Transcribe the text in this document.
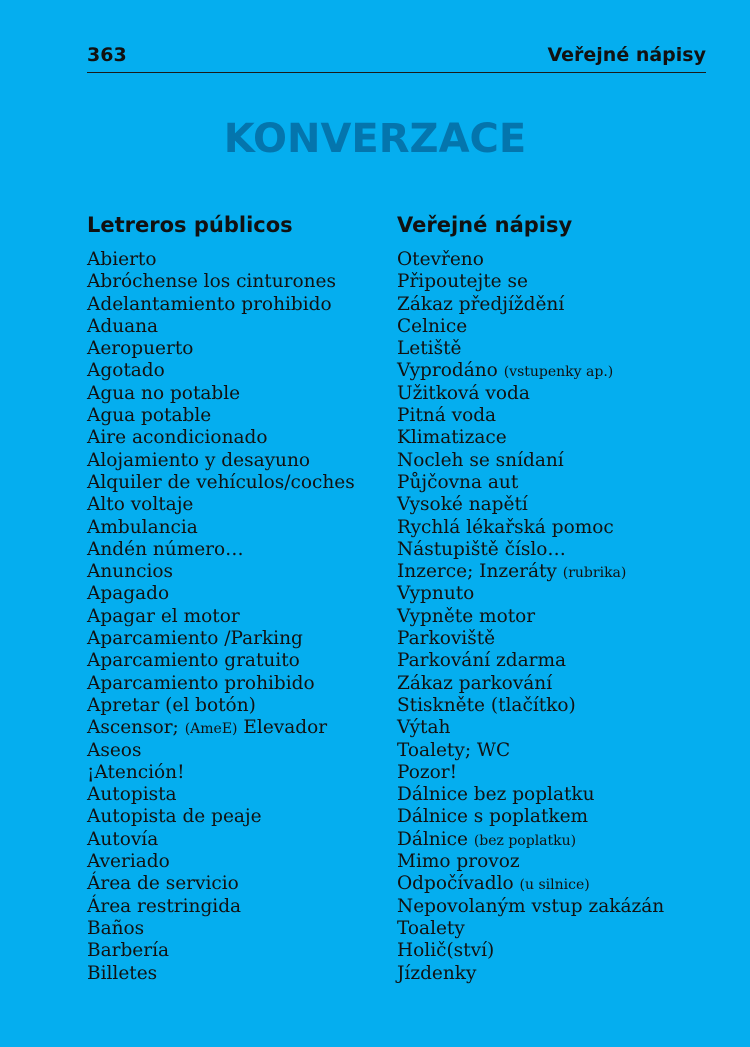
363	Veřejné nápisy
KONVERZACE
Letreros públicos	Veřejné nápisy
Abierto
Abróchense los cinturones
Adelantamiento prohibido
Aduana
Aeropuerto
Agotado
Agua no potable
Agua potable
Aire acondicionado
Alojamiento y desayuno
Alquiler de vehículos/coches
Alto voltaje
Ambulancia
Andén número…
Anuncios
Apagado
Apagar el motor
Aparcamiento /Parking
Aparcamiento gratuito
Aparcamiento prohibido
Apretar (el botón)
Ascensor; (AmeE) Elevador
Aseos
¡Atención!
Autopista
Autopista de peaje
Autovía
Averiado
Área de servicio
Área restringida
Baños
Barbería
Billetes
Otevřeno
Připoutejte se
Zákaz předjíždění
Celnice
Letiště
Vyprodáno (vstupenky ap.)
Užitková voda
Pitná voda
Klimatizace
Nocleh se snídaní
Půjčovna aut
Vysoké napětí
Rychlá lékařská pomoc
Nástupiště číslo…
Inzerce; Inzeráty (rubrika)
Vypnuto
Vypněte motor
Parkoviště
Parkování zdarma
Zákaz parkování
Stiskněte (tlačítko)
Výtah
Toalety; WC
Pozor!
Dálnice bez poplatku
Dálnice s poplatkem
Dálnice (bez poplatku)
Mimo provoz
Odpočívadlo (u silnice)
Nepovolaným vstup zakázán
Toalety
Holič(ství)
Jízdenky
